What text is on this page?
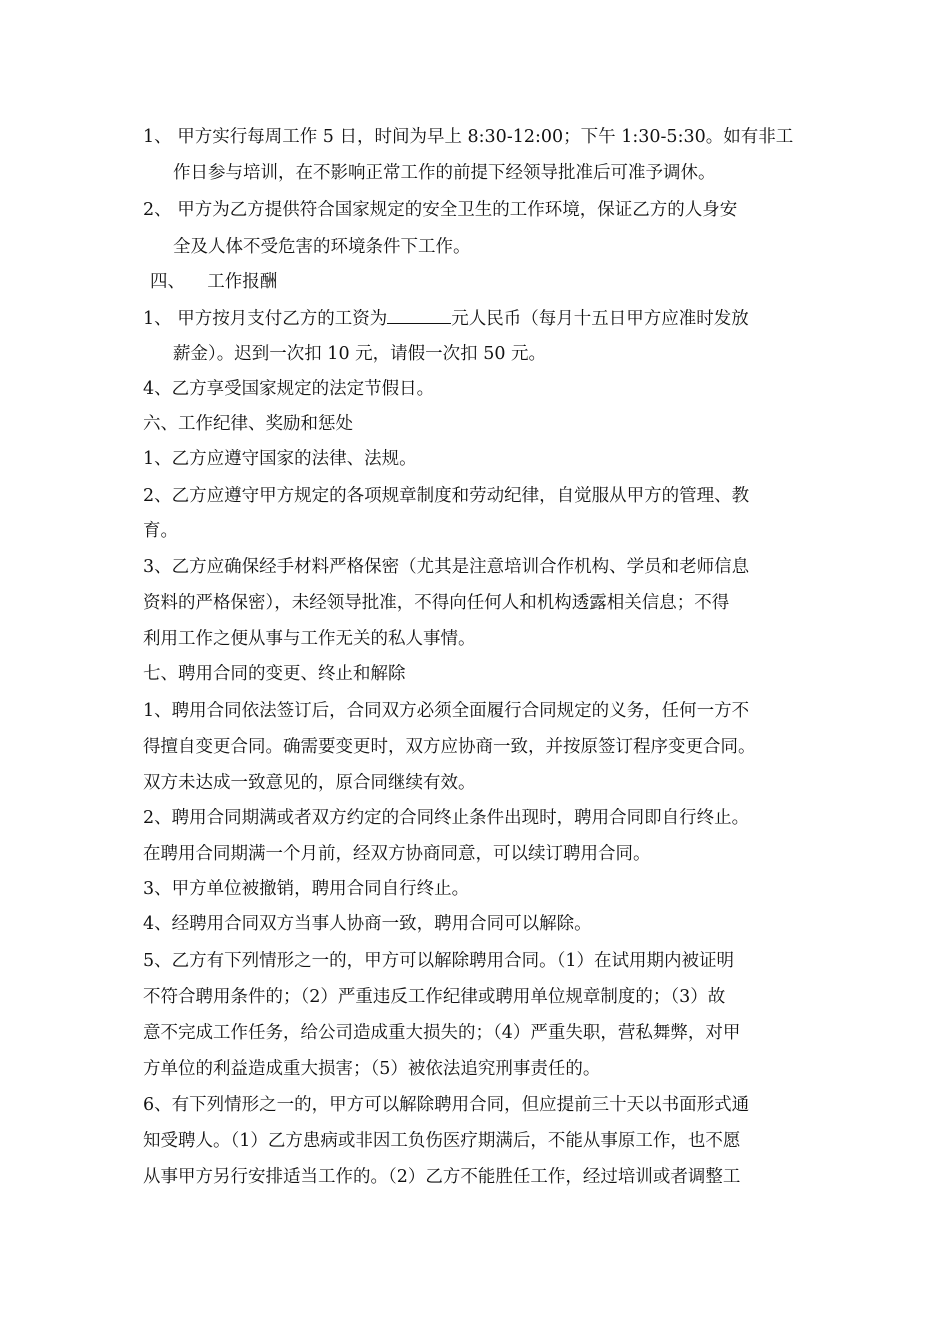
1、 甲方实行每周工作 5 日，时间为早上 8:30-12:00；下午 1:30-5:30。如有非工
作日参与培训，在不影响正常工作的前提下经领导批准后可准予调休。
2、 甲方为乙方提供符合国家规定的安全卫生的工作环境，保证乙方的人身安
全及人体不受危害的环境条件下工作。
四、    工作报酬
1、 甲方按月支付乙方的工资为	元人民币（每月十五日甲方应准时发放
薪金）。迟到一次扣 10 元，请假一次扣 50 元。
4、乙方享受国家规定的法定节假日。
六、工作纪律、奖励和惩处
1、乙方应遵守国家的法律、法规。
2、乙方应遵守甲方规定的各项规章制度和劳动纪律，自觉服从甲方的管理、教
育。
3、乙方应确保经手材料严格保密（尤其是注意培训合作机构、学员和老师信息
资料的严格保密），未经领导批准，不得向任何人和机构透露相关信息；不得
利用工作之便从事与工作无关的私人事情。
七、聘用合同的变更、终止和解除
1、聘用合同依法签订后，合同双方必须全面履行合同规定的义务，任何一方不
得擅自变更合同。确需要变更时，双方应协商一致，并按原签订程序变更合同。
双方未达成一致意见的，原合同继续有效。
2、聘用合同期满或者双方约定的合同终止条件出现时，聘用合同即自行终止。
在聘用合同期满一个月前，经双方协商同意，可以续订聘用合同。
3、甲方单位被撤销，聘用合同自行终止。
4、经聘用合同双方当事人协商一致，聘用合同可以解除。
5、乙方有下列情形之一的，甲方可以解除聘用合同。（1）在试用期内被证明
不符合聘用条件的；（2）严重违反工作纪律或聘用单位规章制度的；（3）故
意不完成工作任务，给公司造成重大损失的；（4）严重失职，营私舞弊，对甲
方单位的利益造成重大损害；（5）被依法追究刑事责任的。
6、有下列情形之一的，甲方可以解除聘用合同，但应提前三十天以书面形式通
知受聘人。（1）乙方患病或非因工负伤医疗期满后，不能从事原工作，也不愿
从事甲方另行安排适当工作的。（2）乙方不能胜任工作，经过培训或者调整工
